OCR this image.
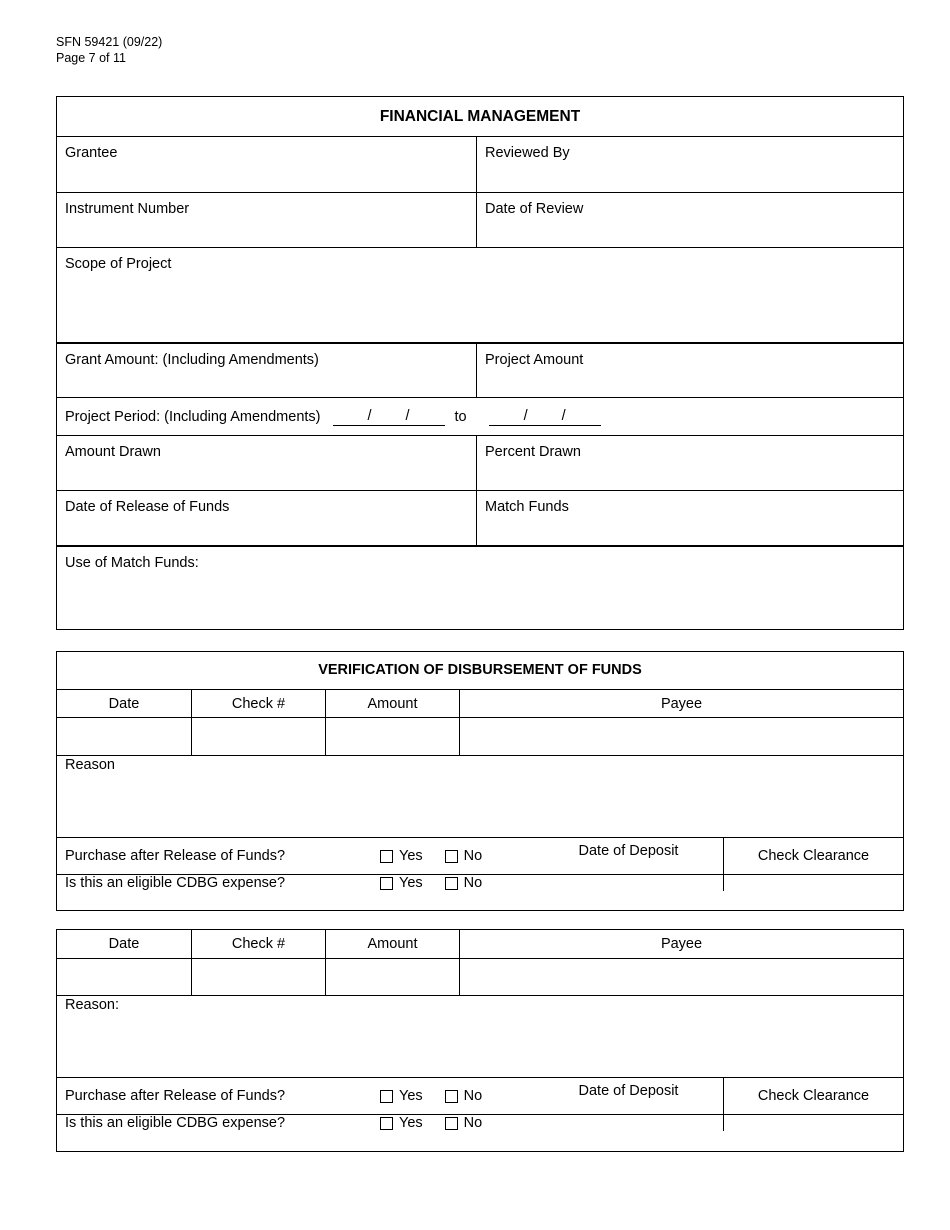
SFN 59421 (09/22)
Page 7 of 11
FINANCIAL MANAGEMENT
Grantee	Reviewed By
Instrument Number	Date of Review
Scope of Project
Grant Amount: (Including Amendments)	Project Amount
Project Period: (Including Amendments)	/ /	to	/ /
Amount Drawn	Percent Drawn
Date of Release of Funds	Match Funds
Use of Match Funds:
VERIFICATION OF DISBURSEMENT OF FUNDS
Date	Check #	Amount	Payee
Reason
Purchase after Release of Funds?	Yes	No	Date of Deposit	Check Clearance
Is this an eligible CDBG expense?	Yes	No
Date	Check #	Amount	Payee
Reason:
Purchase after Release of Funds?	Yes	No	Date of Deposit	Check Clearance
Is this an eligible CDBG expense?	Yes	No
